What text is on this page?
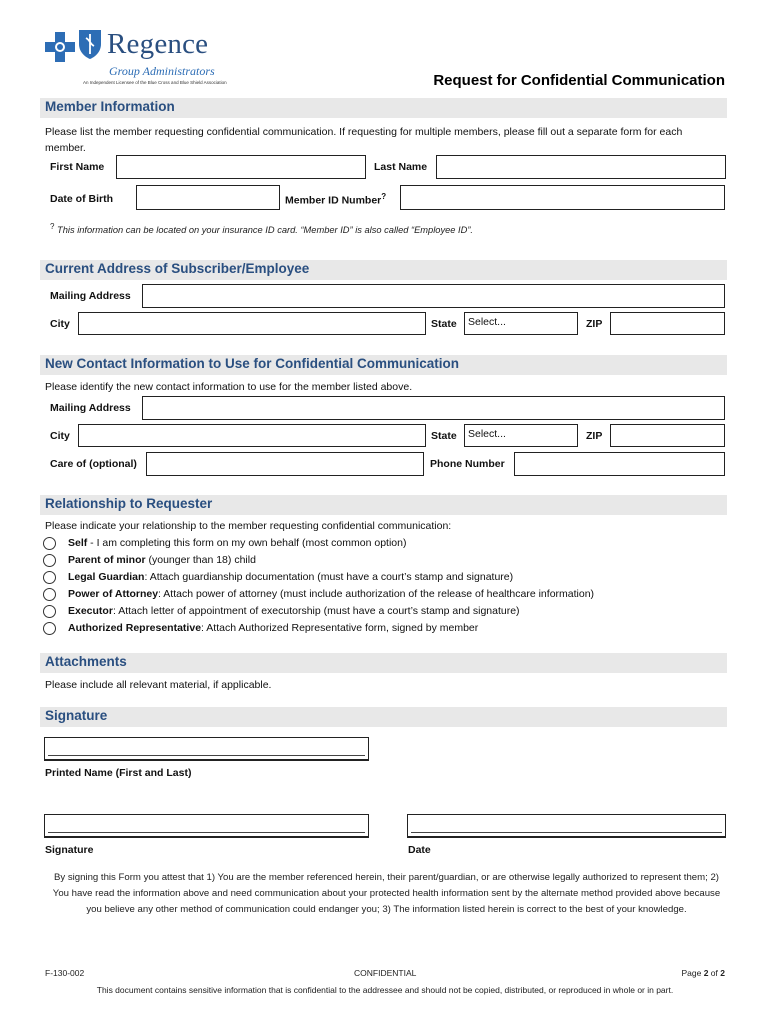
Regence
Group Administrators
An Independent Licensee of the Blue Cross and Blue Shield Association	Request for Confidential Communication
Member Information
Please list the member requesting confidential communication. If requesting for multiple members, please fill out a separate form for each member.
First Name	Last Name
Date of Birth	Member ID Number?
? This information can be located on your insurance ID card. “Member ID” is also called “Employee ID”.
Current Address of Subscriber/Employee
Mailing Address
City	State	Select...	ZIP
New Contact Information to Use for Confidential Communication
Please identify the new contact information to use for the member listed above.
Mailing Address
City	State	Select...	ZIP
Care of (optional)	Phone Number
Relationship to Requester
Please indicate your relationship to the member requesting confidential communication:
Self - I am completing this form on my own behalf (most common option)
Parent of minor (younger than 18) child
Legal Guardian: Attach guardianship documentation (must have a court’s stamp and signature)
Power of Attorney: Attach power of attorney (must include authorization of the release of healthcare information)
Executor: Attach letter of appointment of executorship (must have a court’s stamp and signature)
Authorized Representative: Attach Authorized Representative form, signed by member
Attachments
Please include all relevant material, if applicable.
Signature
Printed Name (First and Last)
Signature	Date
By signing this Form you attest that 1) You are the member referenced herein, their parent/guardian, or are otherwise legally authorized to represent them; 2) You have read the information above and need communication about your protected health information sent by the alternate method provided above because you believe any other method of communication could endanger you; 3) The information listed herein is correct to the best of your knowledge.
F-130-002	CONFIDENTIAL	Page 2 of 2
This document contains sensitive information that is confidential to the addressee and should not be copied, distributed, or reproduced in whole or in part.
